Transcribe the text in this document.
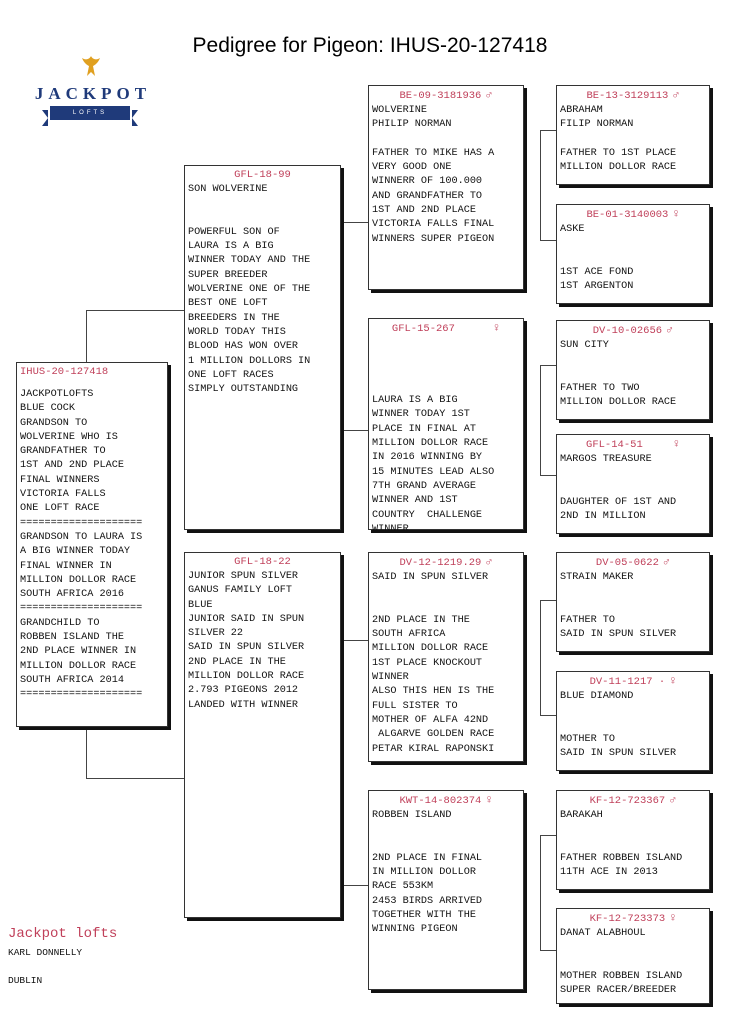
Pedigree for Pigeon: IHUS-20-127418
JACKPOT
LOFTS
IHUS-20-127418
JACKPOTLOFTS
BLUE COCK
GRANDSON TO
WOLVERINE WHO IS
GRANDFATHER TO
1ST AND 2ND PLACE
FINAL WINNERS
VICTORIA FALLS
ONE LOFT RACE
====================
GRANDSON TO LAURA IS
A BIG WINNER TODAY
FINAL WINNER IN
MILLION DOLLOR RACE
SOUTH AFRICA 2016
====================
GRANDCHILD TO
ROBBEN ISLAND THE
2ND PLACE WINNER IN
MILLION DOLLOR RACE
SOUTH AFRICA 2014
====================
GFL-18-99
SON WOLVERINE

POWERFUL SON OF
LAURA IS A BIG
WINNER TODAY AND THE
SUPER BREEDER
WOLVERINE ONE OF THE
BEST ONE LOFT
BREEDERS IN THE
WORLD TODAY THIS
BLOOD HAS WON OVER
1 MILLION DOLLORS IN
ONE LOFT RACES
SIMPLY OUTSTANDING
GFL-18-22
JUNIOR SPUN SILVER
GANUS FAMILY LOFT
BLUE
JUNIOR SAID IN SPUN
SILVER 22
SAID IN SPUN SILVER
2ND PLACE IN THE
MILLION DOLLOR RACE
2.793 PIGEONS 2012
LANDED WITH WINNER
BE-09-3181936 ♂
WOLVERINE
PHILIP NORMAN

FATHER TO MIKE HAS A
VERY GOOD ONE
WINNERR OF 100.000
AND GRANDFATHER TO
1ST AND 2ND PLACE
VICTORIA FALLS FINAL
WINNERS SUPER PIGEON
GFL-15-267	♀

LAURA IS A BIG
WINNER TODAY 1ST
PLACE IN FINAL AT
MILLION DOLLOR RACE
IN 2016 WINNING BY
15 MINUTES LEAD ALSO
7TH GRAND AVERAGE
WINNER AND 1ST
COUNTRY  CHALLENGE
WINNER
DV-12-1219.29 ♂
SAID IN SPUN SILVER

2ND PLACE IN THE
SOUTH AFRICA
MILLION DOLLOR RACE
1ST PLACE KNOCKOUT
WINNER
ALSO THIS HEN IS THE
FULL SISTER TO
MOTHER OF ALFA 42ND
ALGARVE GOLDEN RACE
PETAR KIRAL RAPONSKI
KWT-14-802374 ♀
ROBBEN ISLAND

2ND PLACE IN FINAL
IN MILLION DOLLOR
RACE 553KM
2453 BIRDS ARRIVED
TOGETHER WITH THE
WINNING PIGEON
BE-13-3129113 ♂
ABRAHAM
FILIP NORMAN

FATHER TO 1ST PLACE
MILLION DOLLOR RACE
BE-01-3140003 ♀
ASKE

1ST ACE FOND
1ST ARGENTON
DV-10-02656 ♂
SUN CITY

FATHER TO TWO
MILLION DOLLOR RACE
GFL-14-51	♀
MARGOS TREASURE

DAUGHTER OF 1ST AND
2ND IN MILLION
DV-05-0622 ♂
STRAIN MAKER

FATHER TO
SAID IN SPUN SILVER
DV-11-1217 · ♀
BLUE DIAMOND

MOTHER TO
SAID IN SPUN SILVER
KF-12-723367 ♂
BARAKAH

FATHER ROBBEN ISLAND
11TH ACE IN 2013
KF-12-723373 ♀
DANAT ALABHOUL

MOTHER ROBBEN ISLAND
SUPER RACER/BREEDER
Jackpot lofts
KARL DONNELLY
DUBLIN
